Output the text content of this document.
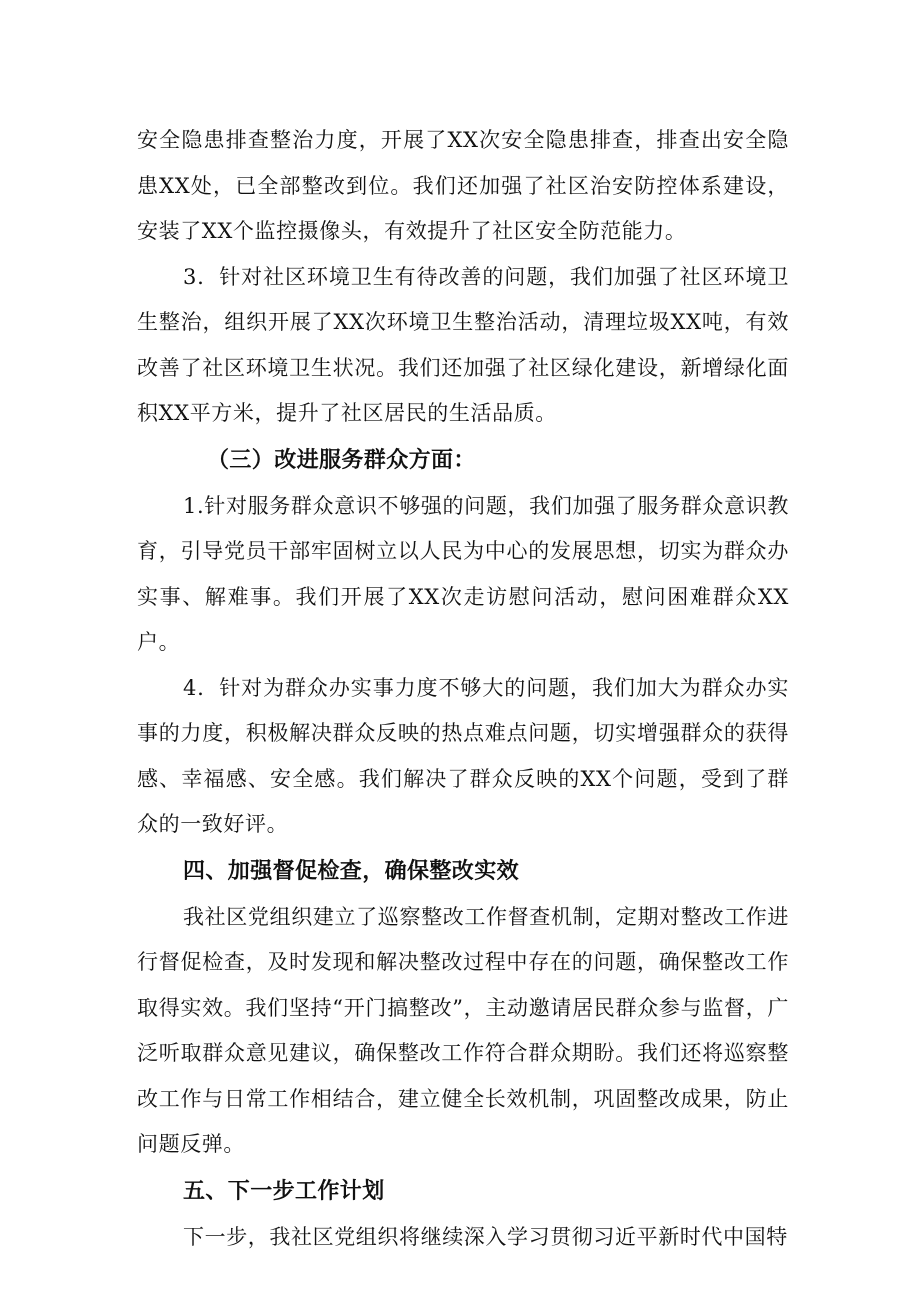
安全隐患排查整治力度，开展了XX次安全隐患排查，排查出安全隐患XX处，已全部整改到位。我们还加强了社区治安防控体系建设，安装了XX个监控摄像头，有效提升了社区安全防范能力。

3．针对社区环境卫生有待改善的问题，我们加强了社区环境卫生整治，组织开展了XX次环境卫生整治活动，清理垃圾XX吨，有效改善了社区环境卫生状况。我们还加强了社区绿化建设，新增绿化面积XX平方米，提升了社区居民的生活品质。

（三）改进服务群众方面：

1.针对服务群众意识不够强的问题，我们加强了服务群众意识教育，引导党员干部牢固树立以人民为中心的发展思想，切实为群众办实事、解难事。我们开展了XX次走访慰问活动，慰问困难群众XX户。

4．针对为群众办实事力度不够大的问题，我们加大为群众办实事的力度，积极解决群众反映的热点难点问题，切实增强群众的获得感、幸福感、安全感。我们解决了群众反映的XX个问题，受到了群众的一致好评。

四、加强督促检查，确保整改实效

我社区党组织建立了巡察整改工作督查机制，定期对整改工作进行督促检查，及时发现和解决整改过程中存在的问题，确保整改工作取得实效。我们坚持“开门搞整改”，主动邀请居民群众参与监督，广泛听取群众意见建议，确保整改工作符合群众期盼。我们还将巡察整改工作与日常工作相结合，建立健全长效机制，巩固整改成果，防止问题反弹。

五、下一步工作计划

下一步，我社区党组织将继续深入学习贯彻习近平新时代中国特
